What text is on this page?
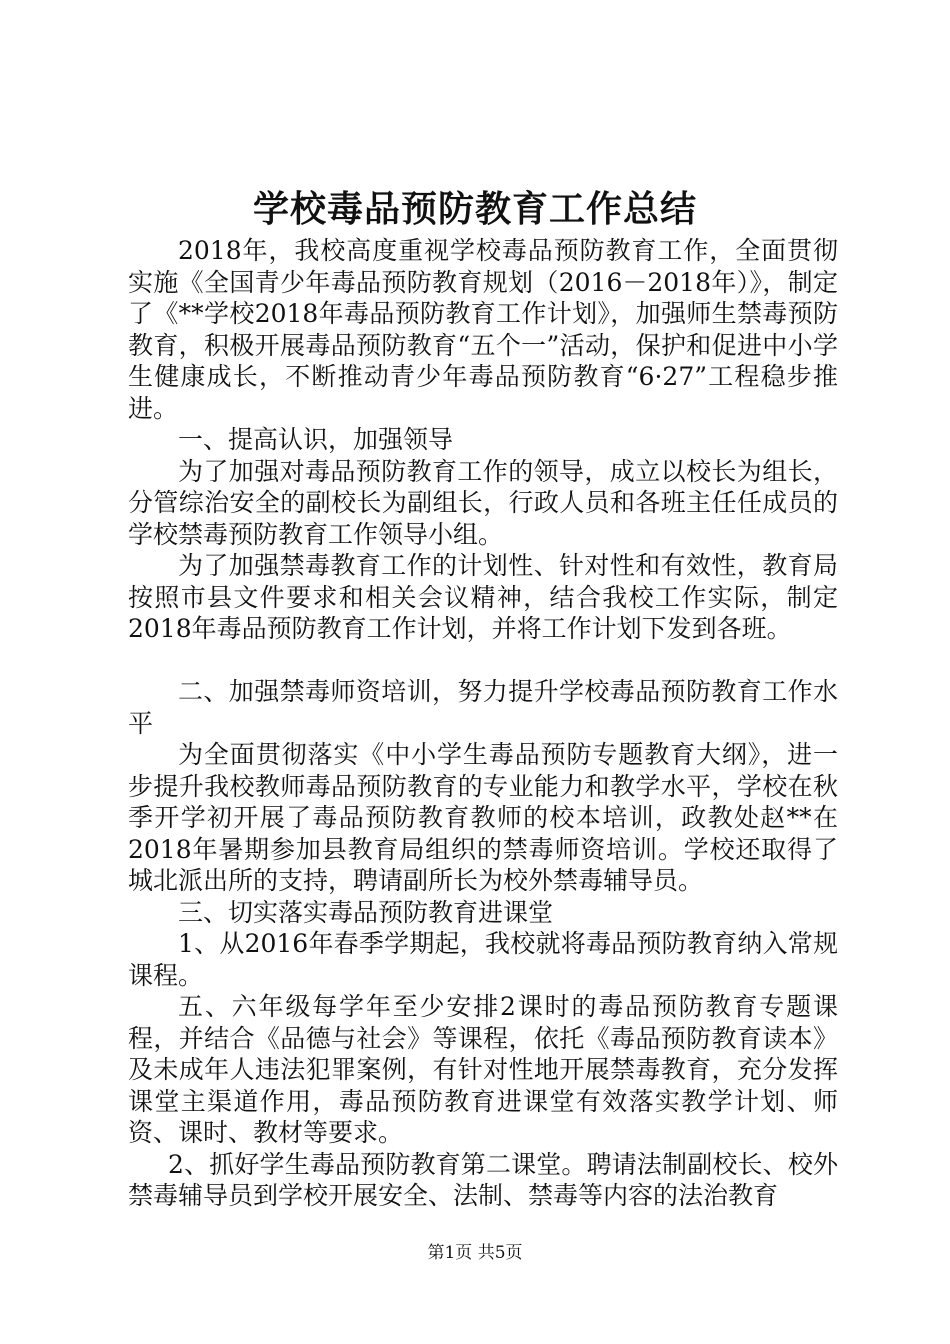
学校毒品预防教育工作总结

2018年，我校高度重视学校毒品预防教育工作，全面贯彻实施《全国青少年毒品预防教育规划（2016－2018年）》，制定了《**学校2018年毒品预防教育工作计划》，加强师生禁毒预防教育，积极开展毒品预防教育“五个一”活动，保护和促进中小学生健康成长，不断推动青少年毒品预防教育“6·27”工程稳步推进。

一、提高认识，加强领导

为了加强对毒品预防教育工作的领导，成立以校长为组长，分管综治安全的副校长为副组长，行政人员和各班主任任成员的学校禁毒预防教育工作领导小组。

为了加强禁毒教育工作的计划性、针对性和有效性，教育局按照市县文件要求和相关会议精神，结合我校工作实际，制定2018年毒品预防教育工作计划，并将工作计划下发到各班。

二、加强禁毒师资培训，努力提升学校毒品预防教育工作水平

为全面贯彻落实《中小学生毒品预防专题教育大纲》，进一步提升我校教师毒品预防教育的专业能力和教学水平，学校在秋季开学初开展了毒品预防教育教师的校本培训，政教处赵**在2018年暑期参加县教育局组织的禁毒师资培训。学校还取得了城北派出所的支持，聘请副所长为校外禁毒辅导员。

三、切实落实毒品预防教育进课堂

1、从2016年春季学期起，我校就将毒品预防教育纳入常规课程。

五、六年级每学年至少安排2课时的毒品预防教育专题课程，并结合《品德与社会》等课程，依托《毒品预防教育读本》及未成年人违法犯罪案例，有针对性地开展禁毒教育，充分发挥课堂主渠道作用，毒品预防教育进课堂有效落实教学计划、师资、课时、教材等要求。

2、抓好学生毒品预防教育第二课堂。聘请法制副校长、校外禁毒辅导员到学校开展安全、法制、禁毒等内容的法治教育

第1页 共5页
